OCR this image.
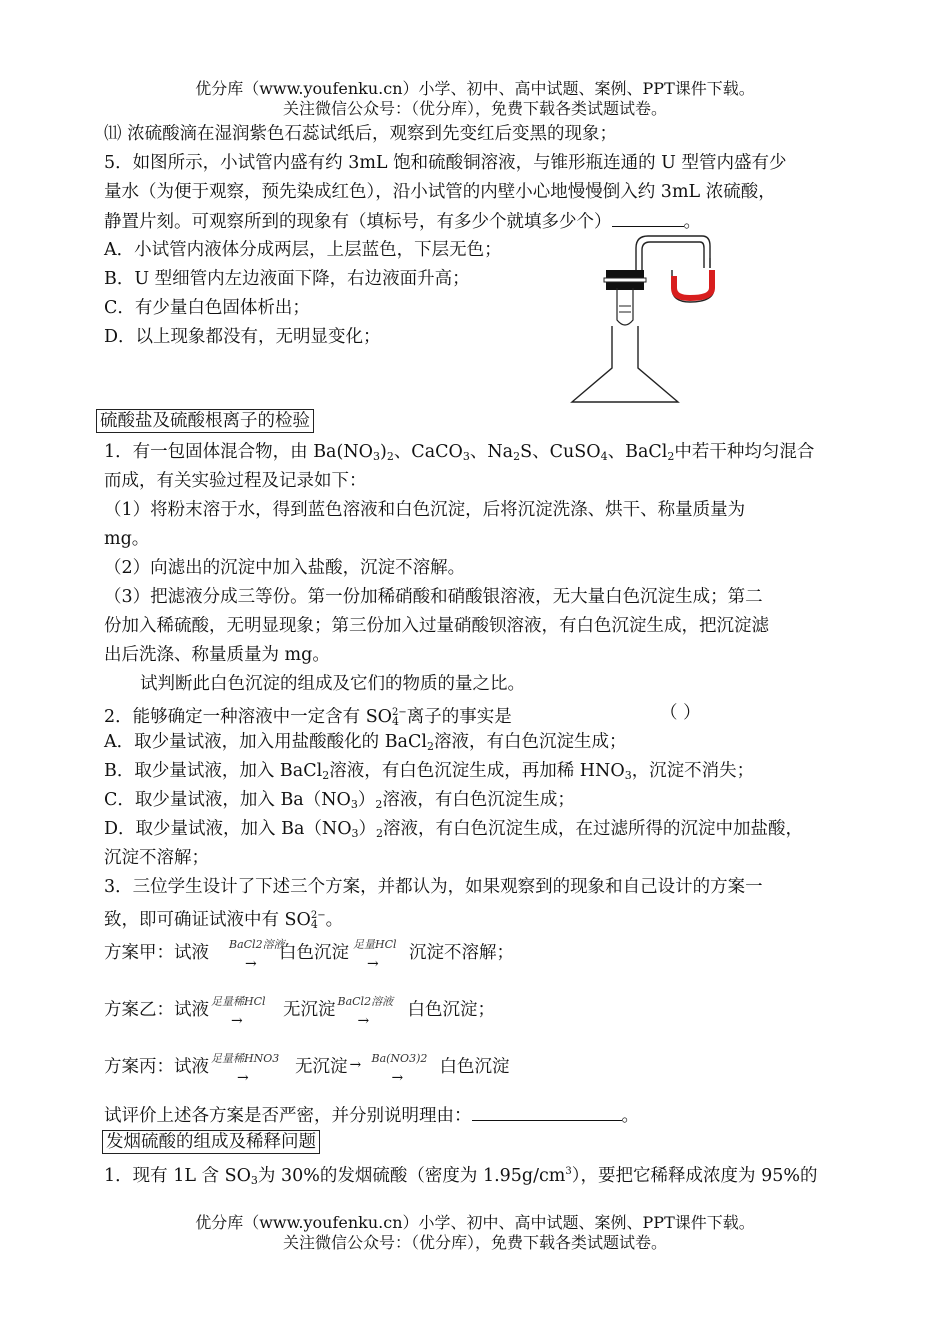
优分库（www.youfenku.cn）小学、初中、高中试题、案例、PPT课件下载。
关注微信公众号：（优分库），免费下载各类试题试卷。
⑾ 浓硫酸滴在湿润紫色石蕊试纸后，观察到先变红后变黑的现象；
5．如图所示，小试管内盛有约 3mL 饱和硫酸铜溶液，与锥形瓶连通的 U 型管内盛有少
量水（为便于观察，预先染成红色），沿小试管的内壁小心地慢慢倒入约 3mL 浓硫酸，
静置片刻。可观察所到的现象有（填标号，有多少个就填多少个）	。
A．小试管内液体分成两层，上层蓝色，下层无色；
B．U 型细管内左边液面下降，右边液面升高；
C．有少量白色固体析出；
D．以上现象都没有，无明显变化；
硫酸盐及硫酸根离子的检验
1．有一包固体混合物，由 $Ba(NO_3)_2$、CaCO$_3$、$Na_2S$、CuSO$_4$、BaCl$_2$中若干种均匀混合
而成，有关实验过程及记录如下：
（1）将粉末溶于水，得到蓝色溶液和白色沉淀，后将沉淀洗涤、烘干、称量质量为
mg。
（2）向滤出的沉淀中加入盐酸，沉淀不溶解。
（3）把滤液分成三等份。第一份加稀硝酸和硝酸银溶液，无大量白色沉淀生成；第二
份加入稀硫酸，无明显现象；第三份加入过量硝酸钡溶液，有白色沉淀生成，把沉淀滤
出后洗涤、称量质量为 mg。
试判断此白色沉淀的组成及它们的物质的量之比。
2．能够确定一种溶液中一定含有 $SO_4^{2-}$离子的事实是	（ ）
A．取少量试液，加入用盐酸酸化的 BaCl$_2$溶液，有白色沉淀生成；
B．取少量试液，加入 BaCl$_2$溶液，有白色沉淀生成，再加稀 $HNO_3$，沉淀不消失；
C．取少量试液，加入 $Ba(NO_3)_2$溶液，有白色沉淀生成；
D．取少量试液，加入 $Ba(NO_3)_2$溶液，有白色沉淀生成，在过滤所得的沉淀中加盐酸，
沉淀不溶解；
3．三位学生设计了下述三个方案，并都认为，如果观察到的现象和自己设计的方案一
致，即可确证试液中有 $SO_4^{2-}$。
方案甲：试液 BaCl2溶液
→
白色沉淀 足量HCl
→
沉淀不溶解；
方案乙：试液 足量稀HCl
→
无沉淀 BaCl2溶液
→
白色沉淀；
方案丙：试液 足量稀HNO3
→
无沉淀 Ba(NO3)2
→
→
白色沉淀
试评价上述各方案是否严密，并分别说明理由：	。
发烟硫酸的组成及稀释问题
1．现有 1L 含 $SO_3$为 30%的发烟硫酸（密度为 $1.95g/cm^3$），要把它稀释成浓度为 95%的
优分库（www.youfenku.cn）小学、初中、高中试题、案例、PPT课件下载。
关注微信公众号：（优分库），免费下载各类试题试卷。
